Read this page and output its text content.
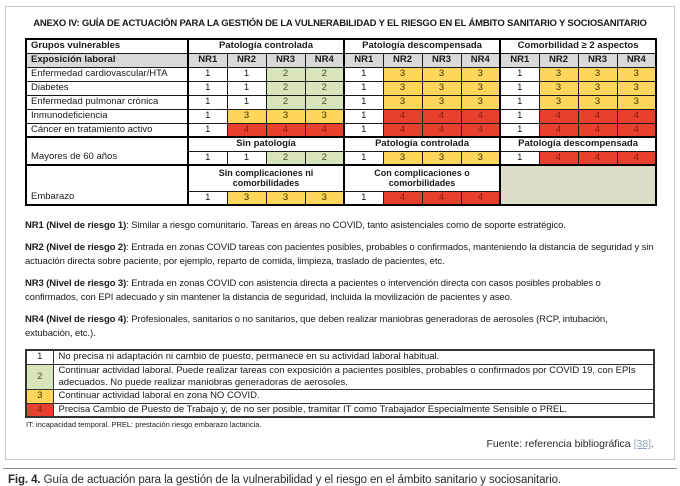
ANEXO IV: GUÍA DE ACTUACIÓN PARA LA GESTIÓN DE LA VULNERABILIDAD Y EL RIESGO EN EL ÁMBITO SANITARIO Y SOCIOSANITARIO
Grupos vulnerables	Patología controlada				Patología descompensada				Comorbilidad ≥ 2 aspectos			
Exposición laboral	NR1	NR2	NR3	NR4	NR1	NR2	NR3	NR4	NR1	NR2	NR3	NR4
Enfermedad cardiovascular/HTA	1	1	2	2	1	3	3	3	1	3	3	3
Diabetes	1	1	2	2	1	3	3	3	1	3	3	3
Enfermedad pulmonar crónica	1	1	2	2	1	3	3	3	1	3	3	3
Inmunodeficiencia	1	3	3	3	1	4	4	4	1	4	4	4
Cáncer en tratamiento activo	1	4	4	4	1	4	4	4	1	4	4	4
Mayores de 60 años	Sin patología				Patología controlada				Patología descompensada			
	1	1	2	2	1	3	3	3	1	4	4	4
Embarazo	Sin complicaciones ni comorbilidades				Con complicaciones o comorbilidades							
	1	3	3	3	1	4	4	4				

NR1 (Nivel de riesgo 1): Similar a riesgo comunitario. Tareas en áreas no COVID, tanto asistenciales como de soporte estratégico.

NR2 (Nivel de riesgo 2): Entrada en zonas COVID tareas con pacientes posibles, probables o confirmados, manteniendo la distancia de seguridad y sin actuación directa sobre paciente, por ejemplo, reparto de comida, limpieza, traslado de pacientes, etc.

NR3 (Nivel de riesgo 3): Entrada en zonas COVID con asistencia directa a pacientes o intervención directa con casos posibles probables o confirmados, con EPI adecuado y sin mantener la distancia de seguridad, incluida la movilización de pacientes y aseo.

NR4 (Nivel de riesgo 4): Profesionales, sanitarios o no sanitarios, que deben realizar maniobras generadoras de aerosoles (RCP, intubación, extubación, etc.).

1	No precisa ni adaptación ni cambio de puesto, permanece en su actividad laboral habitual.
2	Continuar actividad laboral. Puede realizar tareas con exposición a pacientes posibles, probables o confirmados por COVID 19, con EPIs adecuados. No puede realizar maniobras generadoras de aerosoles.
3	Continuar actividad laboral en zona NO COVID.
4	Precisa Cambio de Puesto de Trabajo y, de no ser posible, tramitar IT como Trabajador Especialmente Sensible o PREL.
IT: incapacidad temporal. PREL: prestación riesgo embarazo lactancia.
Fuente: referencia bibliográfica [38].
Fig. 4. Guía de actuación para la gestión de la vulnerabilidad y el riesgo en el ámbito sanitario y sociosanitario.
